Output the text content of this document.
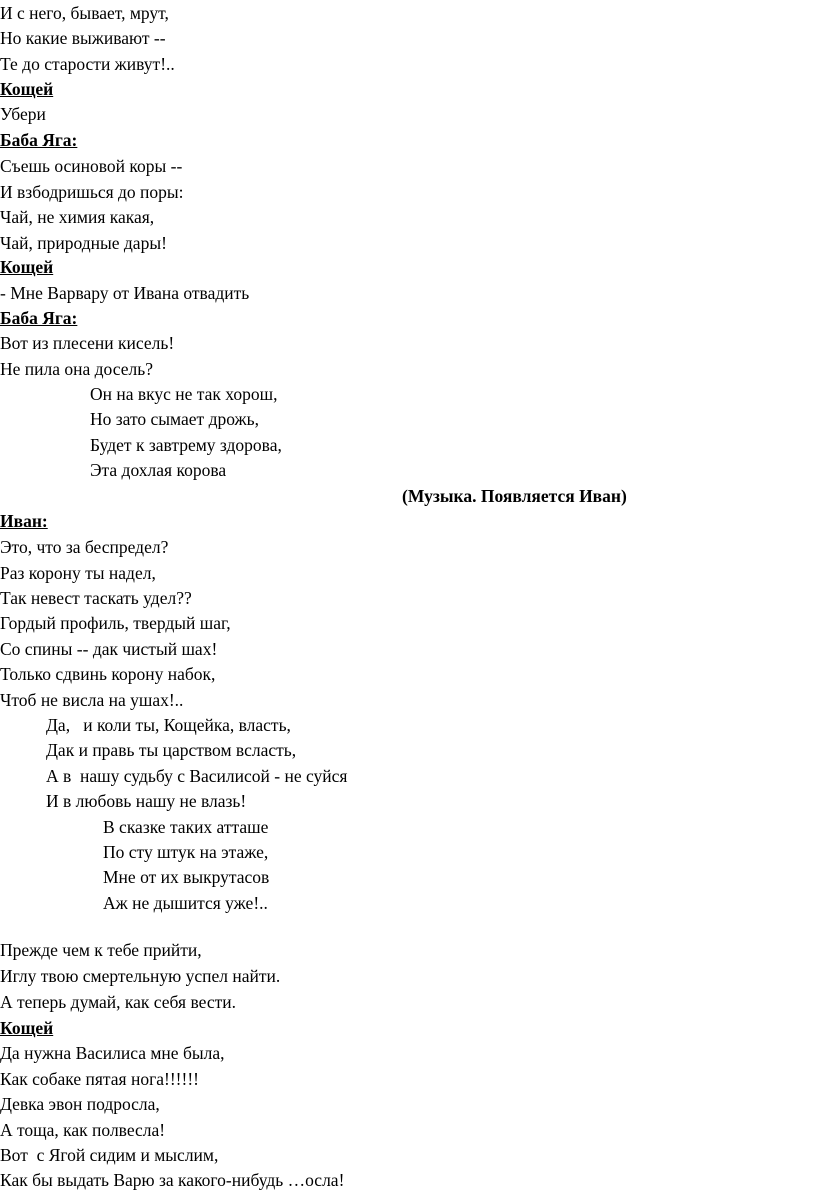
И с него, бывает, мрут,
Но какие выживают --
Те до старости живут!..
Кощей
Убери
Баба Яга:
Съешь осиновой коры --
И взбодришься до поры:
Чай, не химия какая,
Чай, природные дары!
Кощей
- Мне Варвару от Ивана отвадить
Баба Яга:
Вот из плесени кисель!
Не пила она досель?
Он на вкус не так хорош,
Но зато сымает дрожь,
Будет к завтрему здорова,
Эта дохлая корова
(Музыка. Появляется Иван)
Иван:
Это, что за беспредел?
Раз корону ты надел,
Так невест таскать удел??
Гордый профиль, твердый шаг,
Со спины -- дак чистый шах!
Только сдвинь корону набок,
Чтоб не висла на ушах!..
Да,   и коли ты, Кощейка, власть,
Дак и правь ты царством всласть,
А в  нашу судьбу с Василисой - не суйся
И в любовь нашу не влазь!
В сказке таких атташе
По сту штук на этаже,
Мне от их выкрутасов
Аж не дышится уже!..
Прежде чем к тебе прийти,
Иглу твою смертельную успел найти.
А теперь думай, как себя вести.
Кощей
Да нужна Василиса мне была,
Как собаке пятая нога!!!!!!
Девка эвон подросла,
А тоща, как полвесла!
Вот  с Ягой сидим и мыслим,
Как бы выдать Варю за какого-нибудь …осла!
